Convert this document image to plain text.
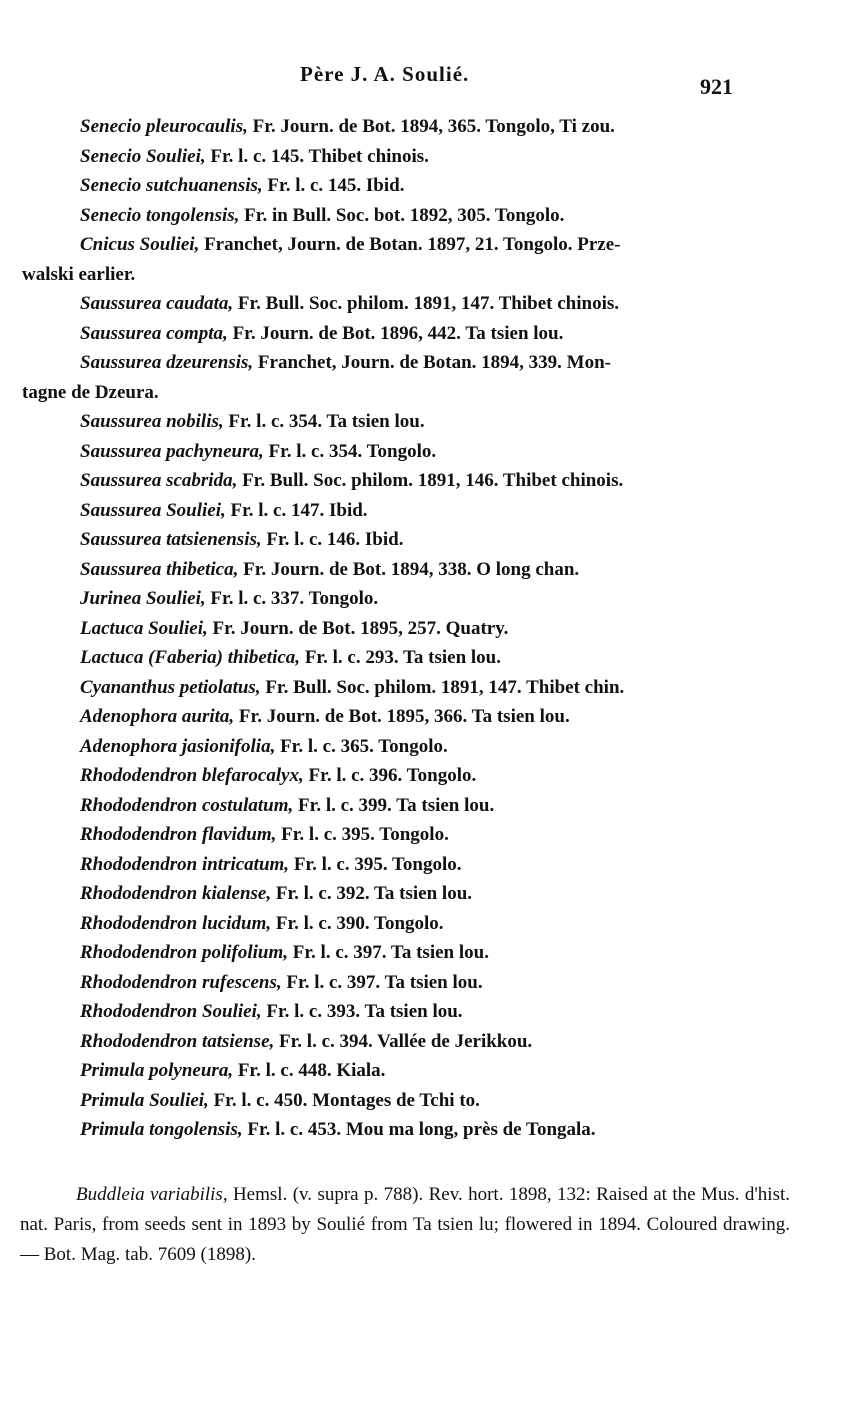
Père J. A. Soulié.	921
Senecio pleurocaulis, Fr. Journ. de Bot. 1894, 365. Tongolo, Ti zou.
Senecio Souliei, Fr. l. c. 145. Thibet chinois.
Senecio sutchuanensis, Fr. l. c. 145. Ibid.
Senecio tongolensis, Fr. in Bull. Soc. bot. 1892, 305. Tongolo.
Cnicus Souliei, Franchet, Journ. de Botan. 1897, 21. Tongolo. Prze-
walski earlier.
Saussurea caudata, Fr. Bull. Soc. philom. 1891, 147. Thibet chinois.
Saussurea compta, Fr. Journ. de Bot. 1896, 442. Ta tsien lou.
Saussurea dzeurensis, Franchet, Journ. de Botan. 1894, 339. Mon-
tagne de Dzeura.
Saussurea nobilis, Fr. l. c. 354. Ta tsien lou.
Saussurea pachyneura, Fr. l. c. 354. Tongolo.
Saussurea scabrida, Fr. Bull. Soc. philom. 1891, 146. Thibet chinois.
Saussurea Souliei, Fr. l. c. 147. Ibid.
Saussurea tatsienensis, Fr. l. c. 146. Ibid.
Saussurea thibetica, Fr. Journ. de Bot. 1894, 338. O long chan.
Jurinea Souliei, Fr. l. c. 337. Tongolo.
Lactuca Souliei, Fr. Journ. de Bot. 1895, 257. Quatry.
Lactuca (Faberia) thibetica, Fr. l. c. 293. Ta tsien lou.
Cyananthus petiolatus, Fr. Bull. Soc. philom. 1891, 147. Thibet chin.
Adenophora aurita, Fr. Journ. de Bot. 1895, 366. Ta tsien lou.
Adenophora jasionifolia, Fr. l. c. 365. Tongolo.
Rhododendron blefarocalyx, Fr. l. c. 396. Tongolo.
Rhododendron costulatum, Fr. l. c. 399. Ta tsien lou.
Rhododendron flavidum, Fr. l. c. 395. Tongolo.
Rhododendron intricatum, Fr. l. c. 395. Tongolo.
Rhododendron kialense, Fr. l. c. 392. Ta tsien lou.
Rhododendron lucidum, Fr. l. c. 390. Tongolo.
Rhododendron polifolium, Fr. l. c. 397. Ta tsien lou.
Rhododendron rufescens, Fr. l. c. 397. Ta tsien lou.
Rhododendron Souliei, Fr. l. c. 393. Ta tsien lou.
Rhododendron tatsiense, Fr. l. c. 394. Vallée de Jerikkou.
Primula polyneura, Fr. l. c. 448. Kiala.
Primula Souliei, Fr. l. c. 450. Montages de Tchi to.
Primula tongolensis, Fr. l. c. 453. Mou ma long, près de Tongala.

Buddleia variabilis, Hemsl. (v. supra p. 788). Rev. hort. 1898, 132: Raised at the Mus. d'hist. nat. Paris, from seeds sent in 1893 by Soulié from Ta tsien lu; flowered in 1894. Coloured drawing. — Bot. Mag. tab. 7609 (1898).
